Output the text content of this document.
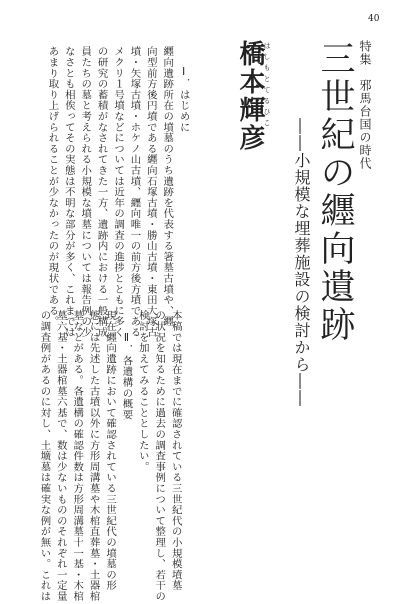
40
特集　邪馬台国の時代
三世紀の纒向遺跡
――小規模な埋葬施設の検討から――
はしもとてるひこ
橋本輝彦
Ⅰ．はじめに
纒向遺跡所在の墳墓のうち遺跡を代表する箸墓古墳や、纒
向型前方後円墳である纒向石塚古墳・勝山古墳・東田大塚古
墳・矢塚古墳・ホケノ山古墳、纒向唯一の前方後方墳である
メクリ１号墳などについては近年の調査の進捗とともに多く
の研究の蓄積がなされてきた一方、遺跡内における一般構成
員たちの墓と考えられる小規模な墳墓については報告例の少
なさとも相俟ってその実態は不明な部分が多く、これまでは
あまり取り上げられることが少なかったのが現状である。
本稿では現在までに確認されている三世紀代の小規模墳墓
の状況を知るために過去の調査事例について整理し、若干の
検討を加えてみることとしたい。
Ⅱ．各遺構の概要
現在纒向遺跡において確認されている三世紀代の墳墓の形
態には先述した古墳以外に方形周溝墓や木棺直葬墓・土器棺
墓などがある。各遺構の確認件数は方形周溝墓十一基・木棺
墓六基・土器棺墓六基で、数は少ないもののそれぞれ一定量
の調査例があるのに対し、土壙墓は確実な例が無い。これは
